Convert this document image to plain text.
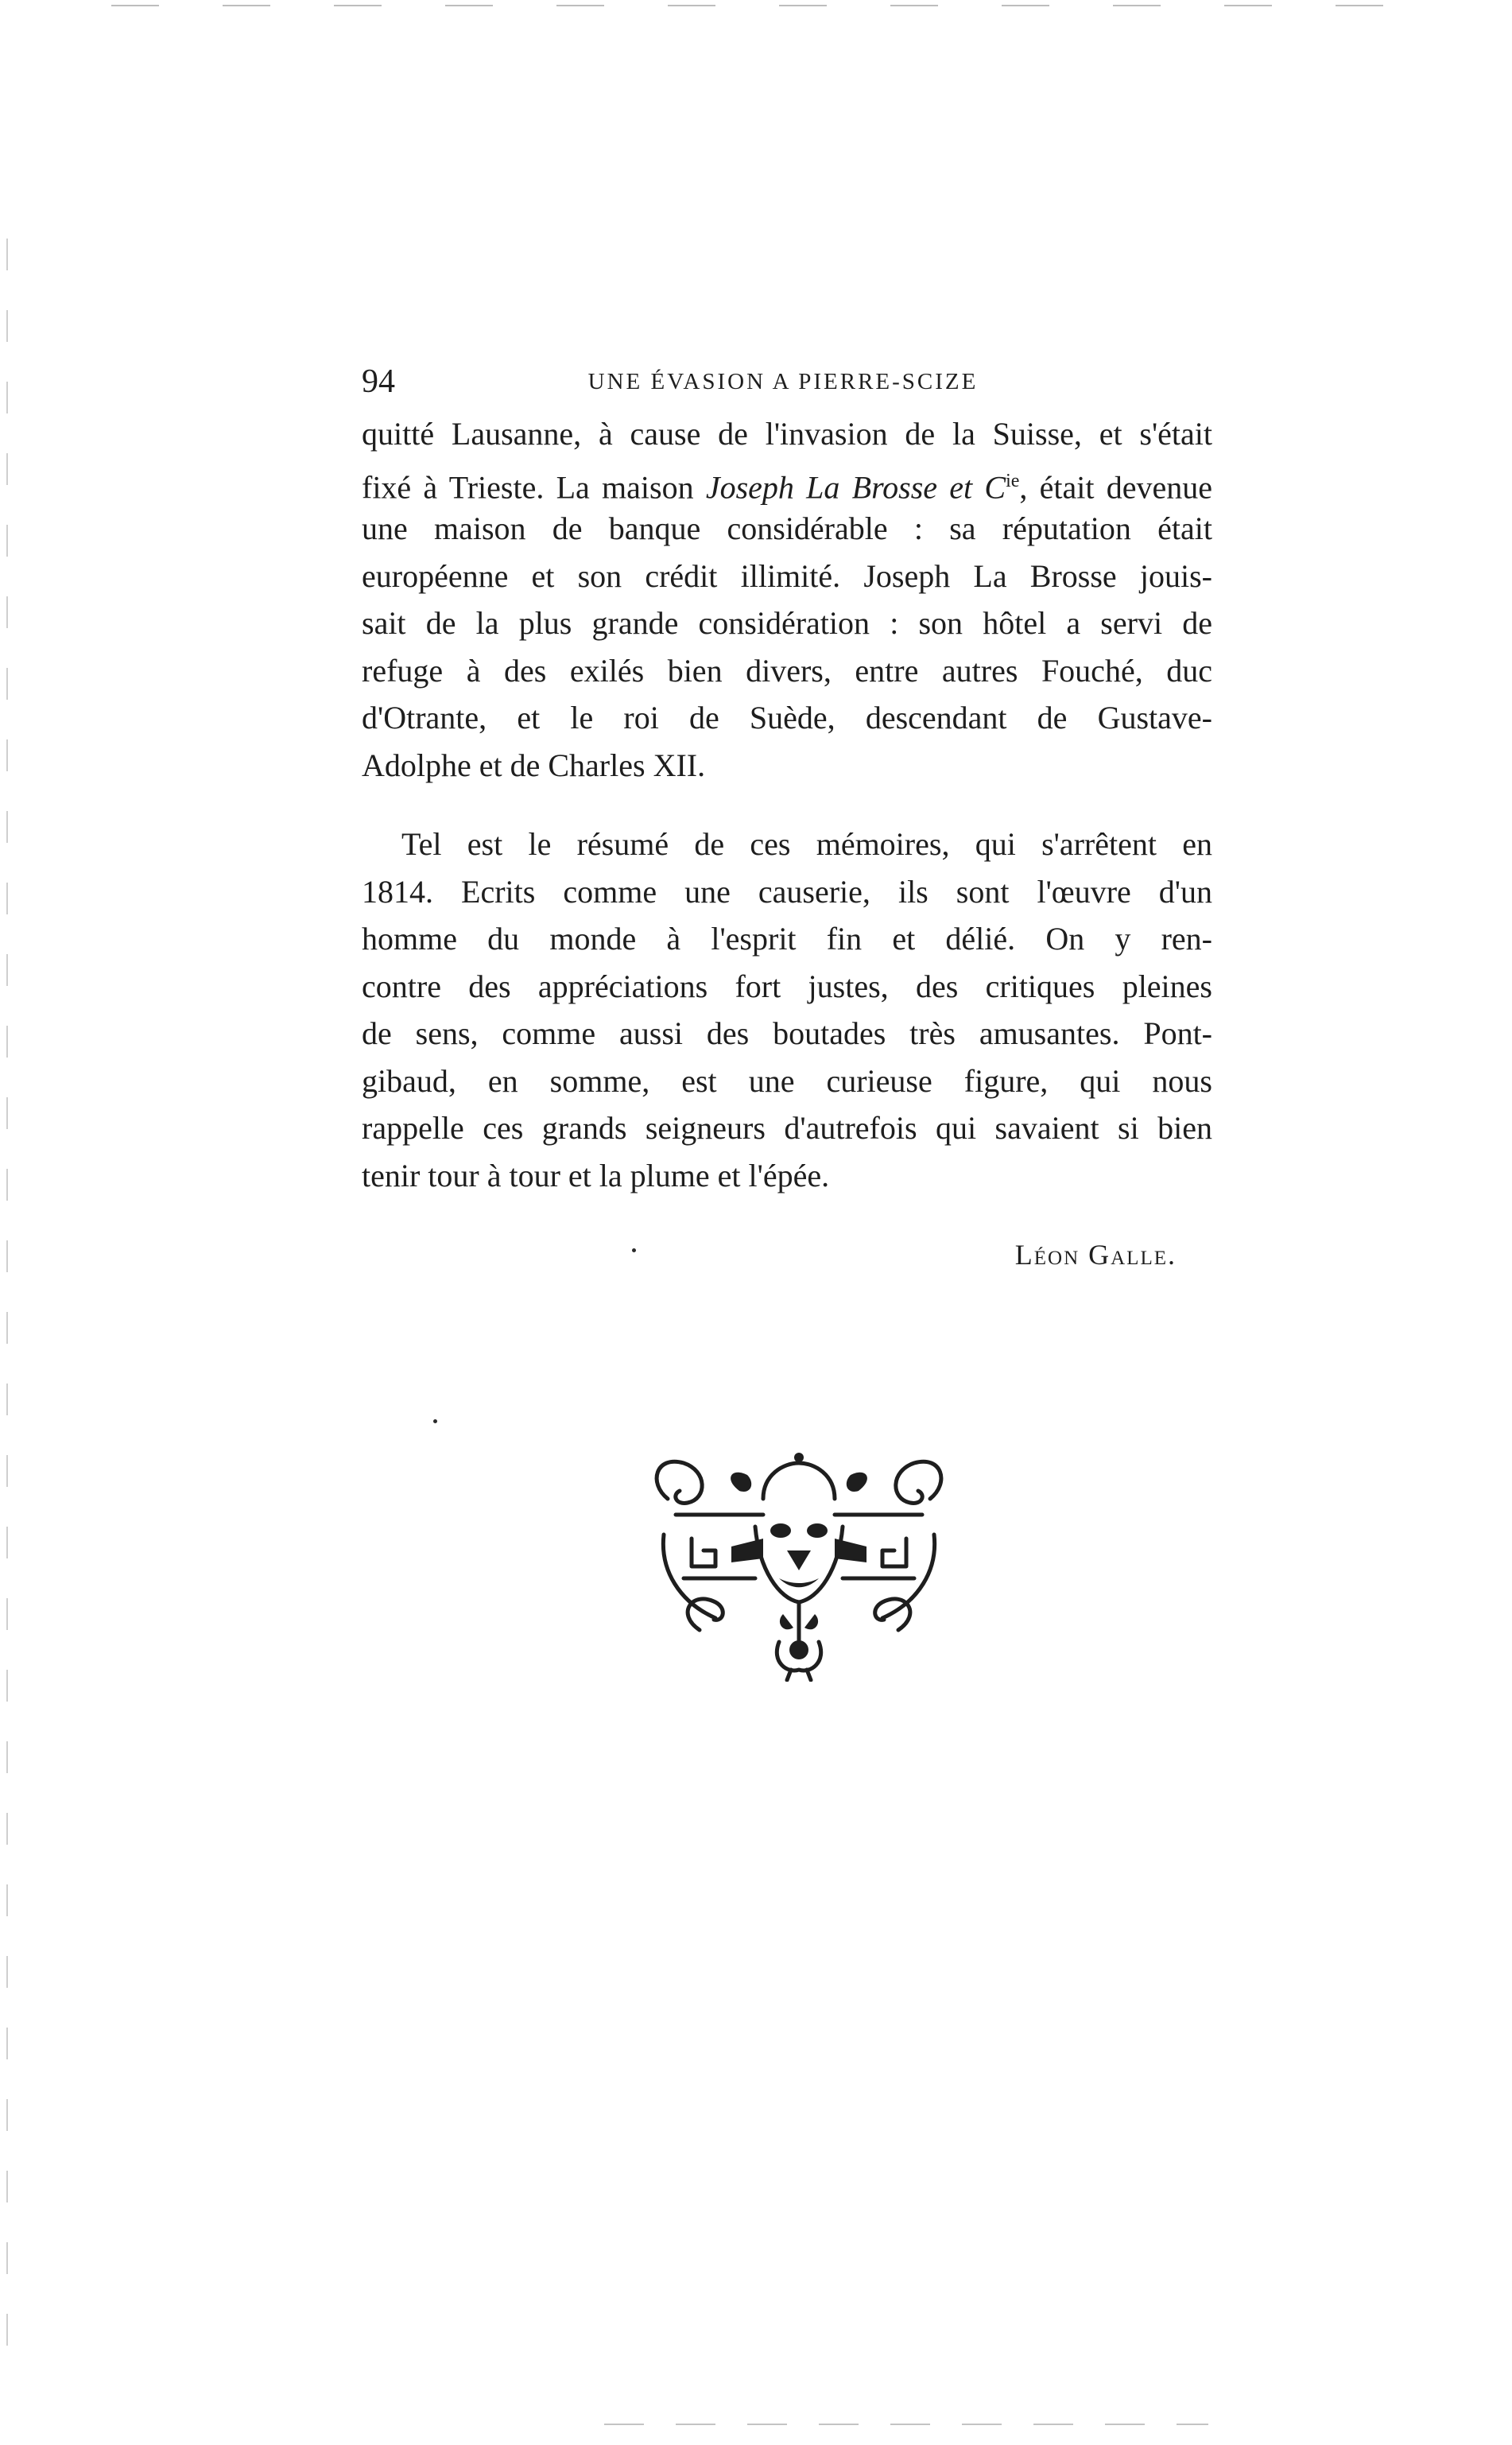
94	UNE ÉVASION A PIERRE-SCIZE
quitté Lausanne, à cause de l'invasion de la Suisse, et s'était
fixé à Trieste. La maison Joseph La Brosse et $C^{ie}$, était devenue
une maison de banque considérable : sa réputation était
européenne et son crédit illimité. Joseph La Brosse jouis-
sait de la plus grande considération : son hôtel a servi de
refuge à des exilés bien divers, entre autres Fouché, duc
d'Otrante, et le roi de Suède, descendant de Gustave-
Adolphe et de Charles XII.
Tel est le résumé de ces mémoires, qui s'arrêtent en
1814. Ecrits comme une causerie, ils sont l'œuvre d'un
homme du monde à l'esprit fin et délié. On y ren-
contre des appréciations fort justes, des critiques pleines
de sens, comme aussi des boutades très amusantes. Pont-
gibaud, en somme, est une curieuse figure, qui nous
rappelle ces grands seigneurs d'autrefois qui savaient si bien
tenir tour à tour et la plume et l'épée.
Léon Galle.
